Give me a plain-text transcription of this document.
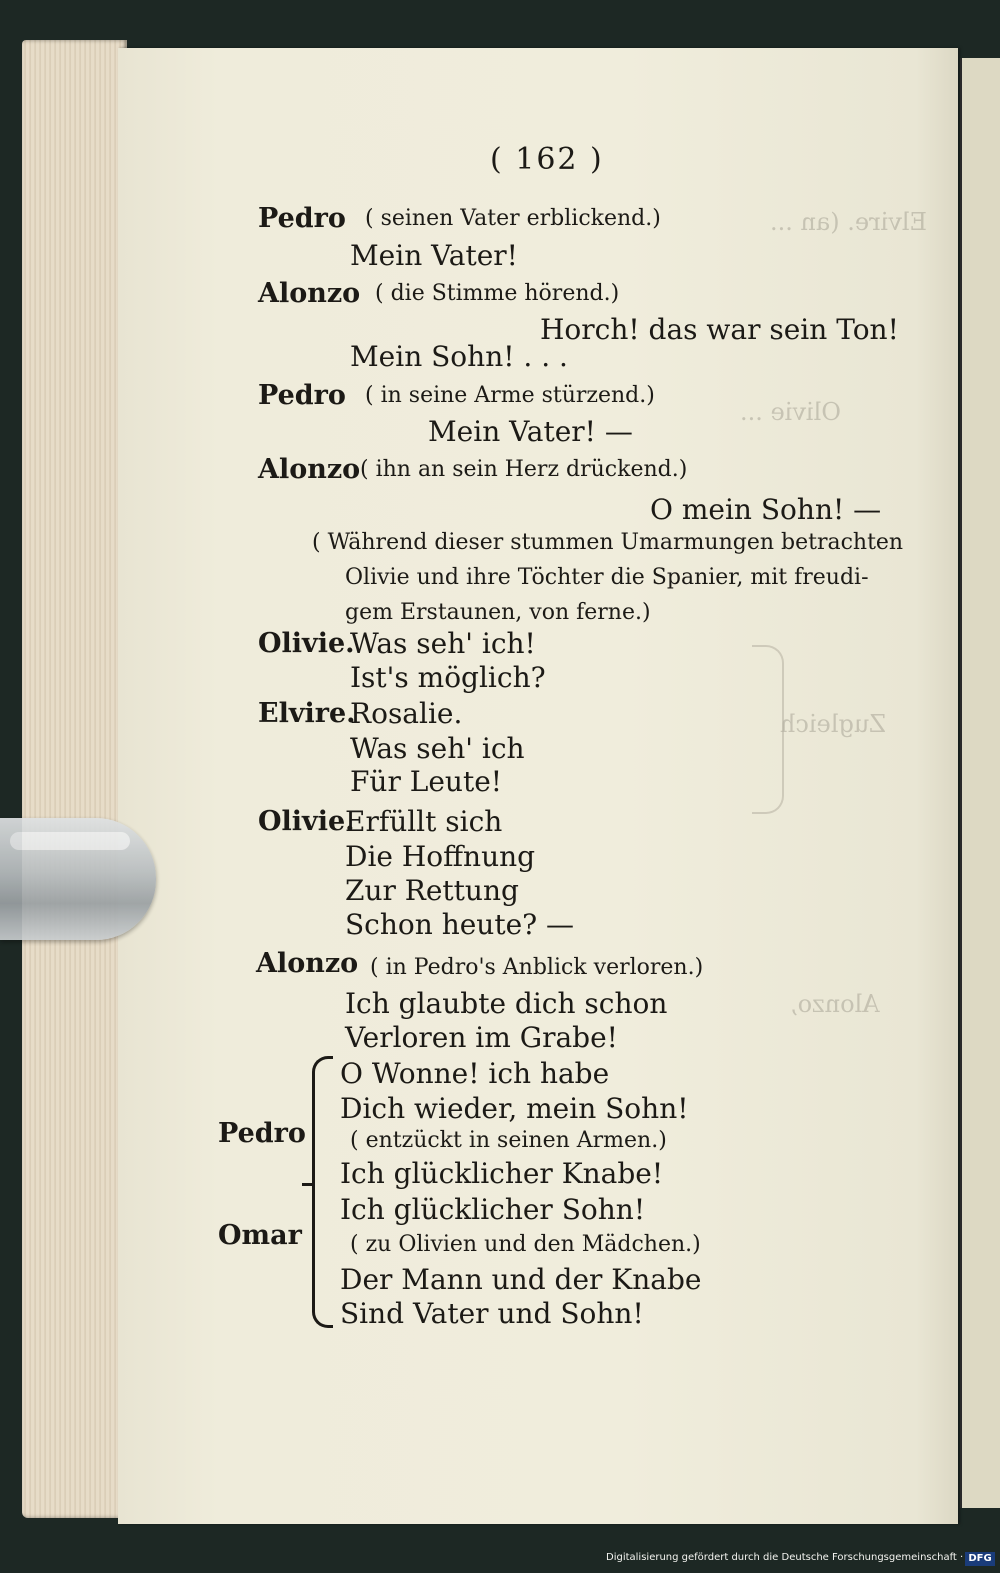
Elvire. (an ...
Olivie ...
Zugleich
Alonzo,
( 162 )
Pedro ( seinen Vater erblickend.)
Mein Vater!
Alonzo ( die Stimme hörend.)
Horch! das war sein Ton!
Mein Sohn! . . .
Pedro ( in seine Arme stürzend.)
Mein Vater! —
Alonzo ( ihn an sein Herz drückend.)
O mein Sohn! —
( Während dieser stummen Umarmungen betrachten
Olivie und ihre Töchter die Spanier, mit freudi-
gem Erstaunen, von ferne.)
Olivie.
Was seh' ich!
Ist's möglich?
Elvire.
Rosalie.
Was seh' ich
Für Leute!
Olivie.
Erfüllt sich
Die Hoffnung
Zur Rettung
Schon heute? —
Alonzo ( in Pedro's Anblick verloren.)
Ich glaubte dich schon
Verloren im Grabe!
Pedro
Omar
O Wonne! ich habe
Dich wieder, mein Sohn!
( entzückt in seinen Armen.)
Ich glücklicher Knabe!
Ich glücklicher Sohn!
( zu Olivien und den Mädchen.)
Der Mann und der Knabe
Sind Vater und Sohn!
Digitalisierung gefördert durch die Deutsche Forschungsgemeinschaft · DFG
